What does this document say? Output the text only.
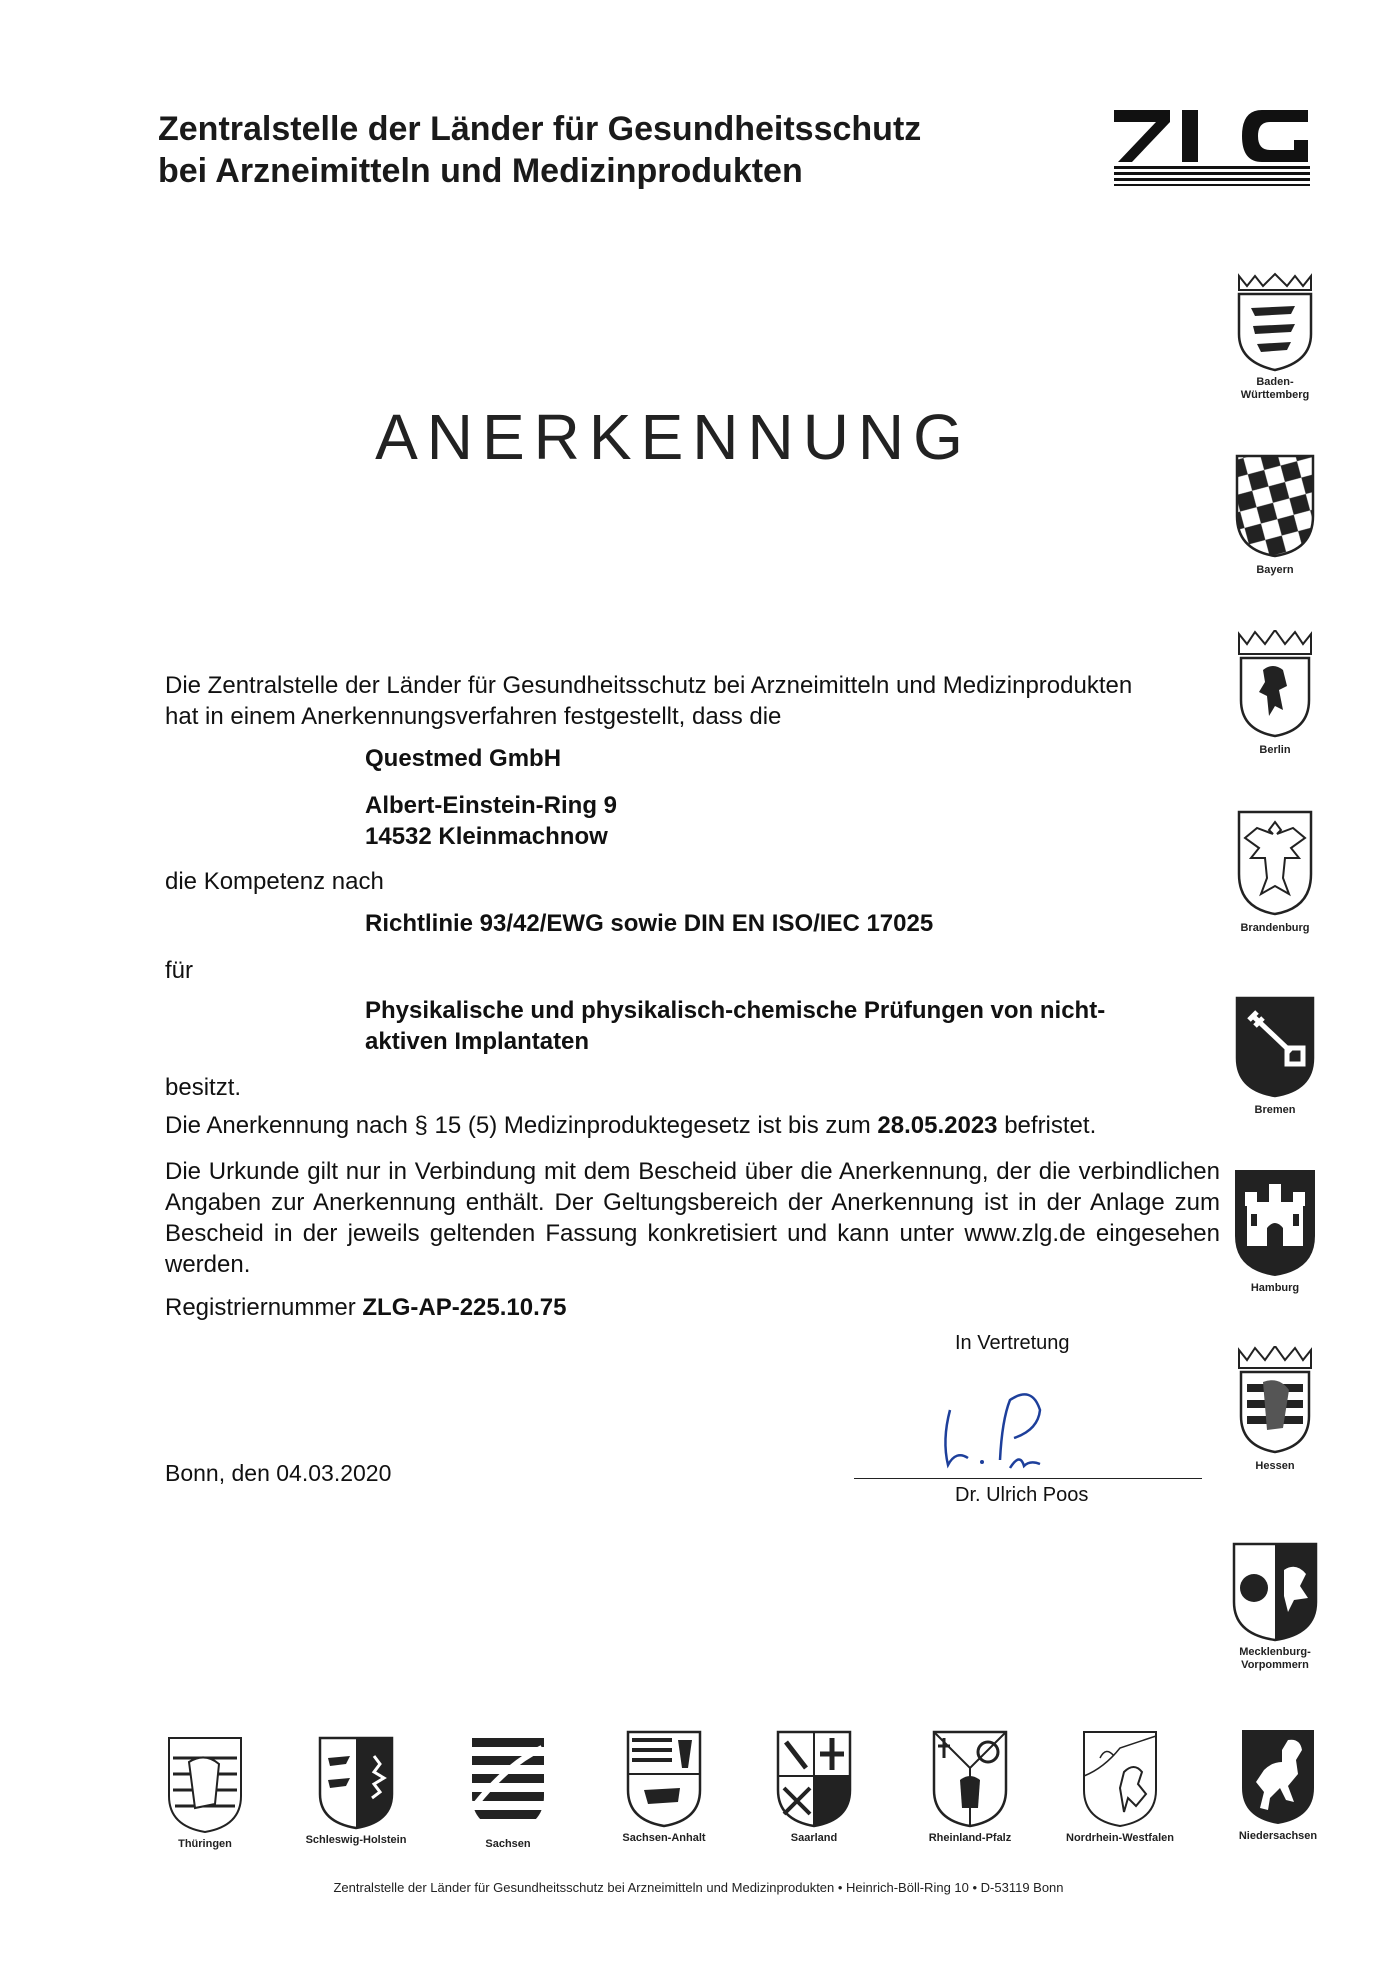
Zentralstelle der Länder für Gesundheitsschutz
bei Arzneimitteln und Medizinprodukten
ANERKENNUNG
Die Zentralstelle der Länder für Gesundheitsschutz bei Arzneimitteln und Medizinprodukten
hat in einem Anerkennungsverfahren festgestellt, dass die
Questmed GmbH
Albert-Einstein-Ring 9
14532 Kleinmachnow
die Kompetenz nach
Richtlinie 93/42/EWG sowie DIN EN ISO/IEC 17025
für
Physikalische und physikalisch-chemische Prüfungen von nicht-
aktiven Implantaten
besitzt.
Die Anerkennung nach § 15 (5) Medizinproduktegesetz ist bis zum 28.05.2023 befristet.
Die Urkunde gilt nur in Verbindung mit dem Bescheid über die Anerkennung, der die verbindlichen Angaben zur Anerkennung enthält. Der Geltungsbereich der Anerkennung ist in der Anlage zum Bescheid in der jeweils geltenden Fassung konkretisiert und kann unter www.zlg.de eingesehen werden.
Registriernummer ZLG-AP-225.10.75
In Vertretung
Dr. Ulrich Poos
Bonn, den 04.03.2020
Baden-
Württemberg
Bayern
Berlin
Brandenburg
Bremen
Hamburg
Hessen
Mecklenburg-
Vorpommern
Thüringen	Schleswig-Holstein	Sachsen	Sachsen-Anhalt	Saarland	Rheinland-Pfalz	Nordrhein-Westfalen	Niedersachsen
Zentralstelle der Länder für Gesundheitsschutz bei Arzneimitteln und Medizinprodukten • Heinrich-Böll-Ring 10 • D-53119 Bonn
